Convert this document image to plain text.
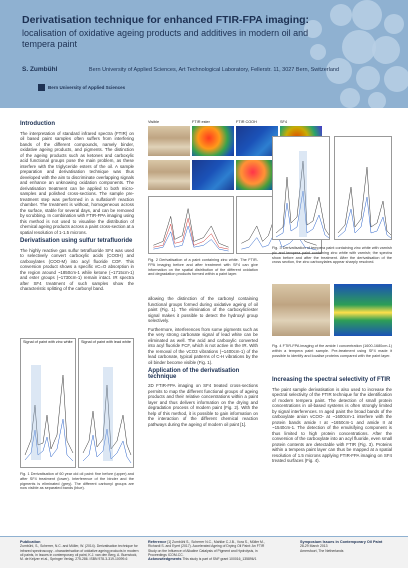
Derivatisation technique for enhanced FTIR-FPA imaging:
localisation of oxidative ageing products and additives in modern oil and tempera paint
S. Zumbühl	Bern University of Applied Sciences, Art Technological Laboratory, Fellerstr. 11, 3027 Bern, Switzerland
Bern University of Applied Sciences
Introduction

The interpretation of standard infrared spectra (FTIR) on oil based paint samples often suffers from interfering bands of the different compounds, namely binder, oxidative ageing products, and pigments. The distinction of the ageing products such as ketones and carboxylic acid functional groups pose the main problem, as these interfere with the triglyceride esters of the oil. A sample preparation and derivatisation technique was thus developed with the aim to discriminate overlapping signals and enhance an unknowing oxidation components. The derivatisation treatment can be applied to both micro-samples and polished cross-sections. The sample pre-treatment step was performed in a sulfation® reaction chamber. The treatment is without, homogeneous across the surface, stable for several days, and can be removed by scrubbing. In combination with FTIR-FPA imaging using this method is not used to visualise the distribution of chemical ageing products across a paint cross-section at a spatial resolution of 1-1.5 microns.

Derivatisation using sulfur tetrafluoride

The highly reactive gas sulfur tetrafluoride SF4 was used to selectively convert carboxylic acids (COOH) and carboxylates (COO-M) into acyl fluoride COF. This conversion product shows a specific vC=O absorption in the region around ~1850cm-1 while ketone (~1715cm-1) and ester groups (~1730cm-1) remain intact. IR spectra after SF4 treatment of such samples show the characteristic splitting of the carbonyl band.

Signal of paint with zinc white	Signal of paint with lead white
Fig. 1 Derivatisation of 60 year old oil paint: fine before (upper) and after SF4 treatment (lower). Interference of the binder and the pigments is eliminated (grey). The different carbonyl groups are now visible as separated bands (blue).
Visible	FTIR ester	FTIR COOH	SF4
Fig. 2 Derivatisation of a paint containing zinc white. The FTIR-FPA imaging before and after treatment with SF4 can give information on the spatial distribution of the different oxidation and degradation products formed within a paint layer.

allowing the distinction of the carbonyl containing functional groups formed during oxidative ageing of oil paint (Fig. 1). The elimination of the carboxylic/ester signal makes it possible to detect the hydroxyl group selectively.

Furthermore, interferences from some pigments such as the very strong carbonate signal of lead white can be eliminated as well. The acid and carboxylic converted into acyl fluoride FCF, which is not active in the IR. With the removal of the vCO3 vibrations (~1400cm-1) of the lead carbonate, typical patterns of C-H vibrations by the oil binder become visible (Fig. 1).

Application of the derivatisation technique

2D FTIR-FPA imaging on SF4 treated cross-sections permits to map the different functional groups of ageing products and their relative concentrations within a paint layer and thus delivers information on the drying and degradation process of modern paint (Fig. 2). With the help of this method, it is possible to gain information on the interaction of the different chemical reaction pathways during the ageing of modern oil paint [1].

Fig. 3 Derivatisation of tempera paint containing zinc white with varnish pic and tempera paint containing zinc white with varnish; the spectra show before and after the treatment. After the derivatisation of the cross section, the zinc carboxylates appear sharply resolved.
Fig. 4 FTIR-FPA imaging of the amide I concentration (1600-1680cm-1) within a tempera paint sample. Pre-treatment using SF4 made it possible to identify and localise proteins compared with the paint layer.
Increasing the spectral selectivity of FTIR

The paint sample derivatisation is also used to increase the spectral selectivity of the FTIR technique for the identification of modern tempera paint. The detection of small protein concentrations in oil-based systems is often strongly limited by signal interferences. In aged paint the broad bands of the carboxylate anion vCOO- at ~1600cm-1 interfere with the protein bands amide I at ~1650cm-1 and amide II at ~1540cm-1. The detection of the emulsifying component is thus limited to high protein concentrations. After the conversion of the carboxylate into an acyl fluoride, even small protein contents are detectable with FTIR (Fig. 3). Proteins within a tempera paint layer can thus be mapped at a spatial resolution of 1.5 microns applying FTIR-FPA imaging on SF4 treated surfaces (Fig. 4).

Publication
Zumbühl, S., Scherrer, N.C. and Müller, W. (2014). Derivatisation technique for infrared spectroscopy - characterisation of oxidative ageing products in modern oil paints, in Issues in contemporary oil paint, K.J. van den Berg, A. Burnstock, M. de Keijzer et al., Springer Verlag, 275-286. ISBN 978-3-319-10099-6
Reference [1] Zumbühl S., Scherrer N.C., Mahlke C.J.B., Vora S., Müller M., Richardi S. and Eyert (2017). Accelerated Ageing of Drying Oil Paint: An FTIR Study on the Influence of Alkaline Catalysis of Pigment and Hydrolysis, in Proceedings ICOM-CC.
Acknowledgments This study is part of SNF grant 100016_135896/1
Symposium Issues in Contemporary Oil Paint
28-29 March 2013
Amersfoort, The Netherlands
